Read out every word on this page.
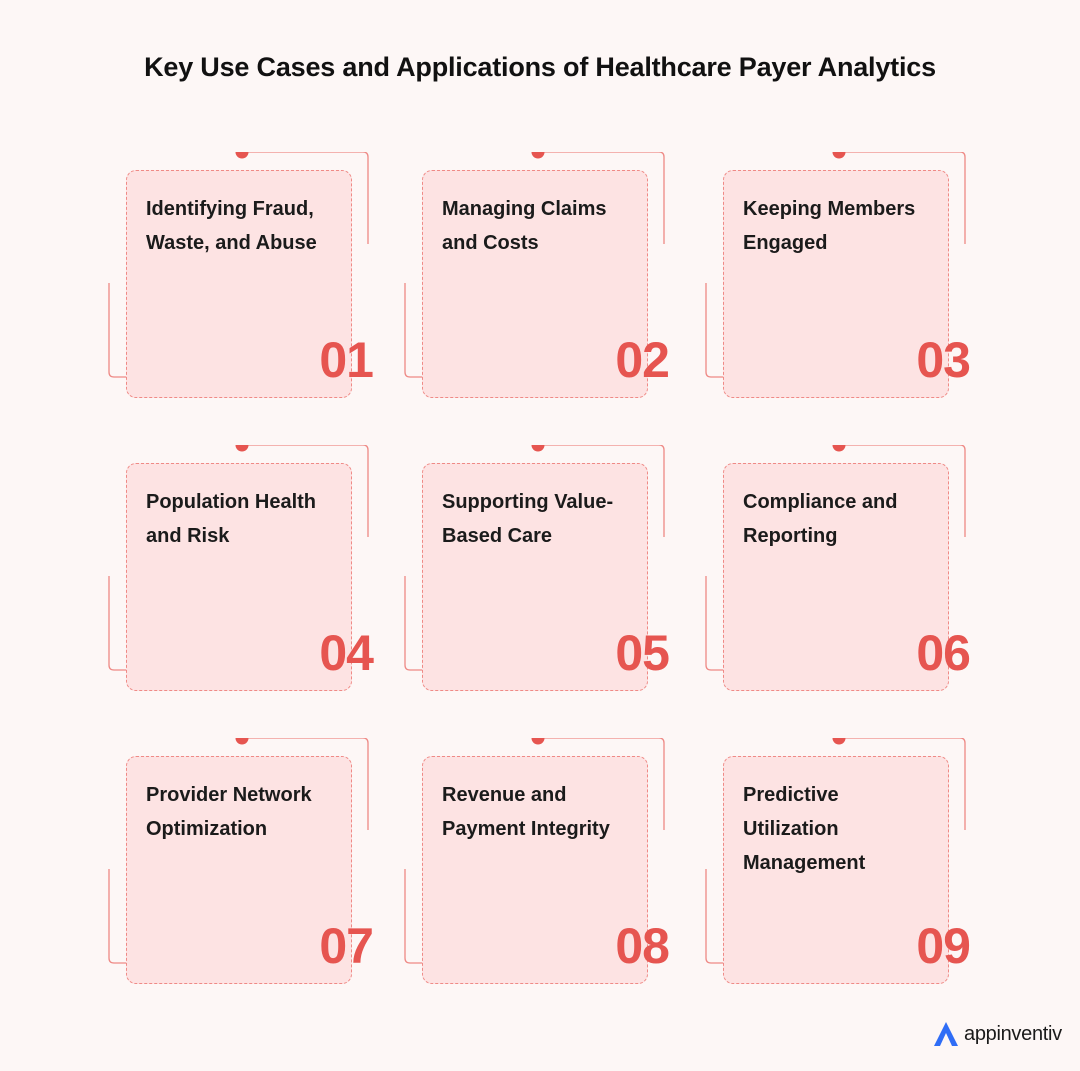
Key Use Cases and Applications of Healthcare Payer Analytics
Identifying Fraud, Waste, and Abuse
01
Managing Claims and Costs
02
Keeping Members Engaged
03
Population Health and Risk
04
Supporting Value-Based Care
05
Compliance and Reporting
06
Provider Network Optimization
07
Revenue and Payment Integrity
08
Predictive Utilization Management
09
appinventiv
